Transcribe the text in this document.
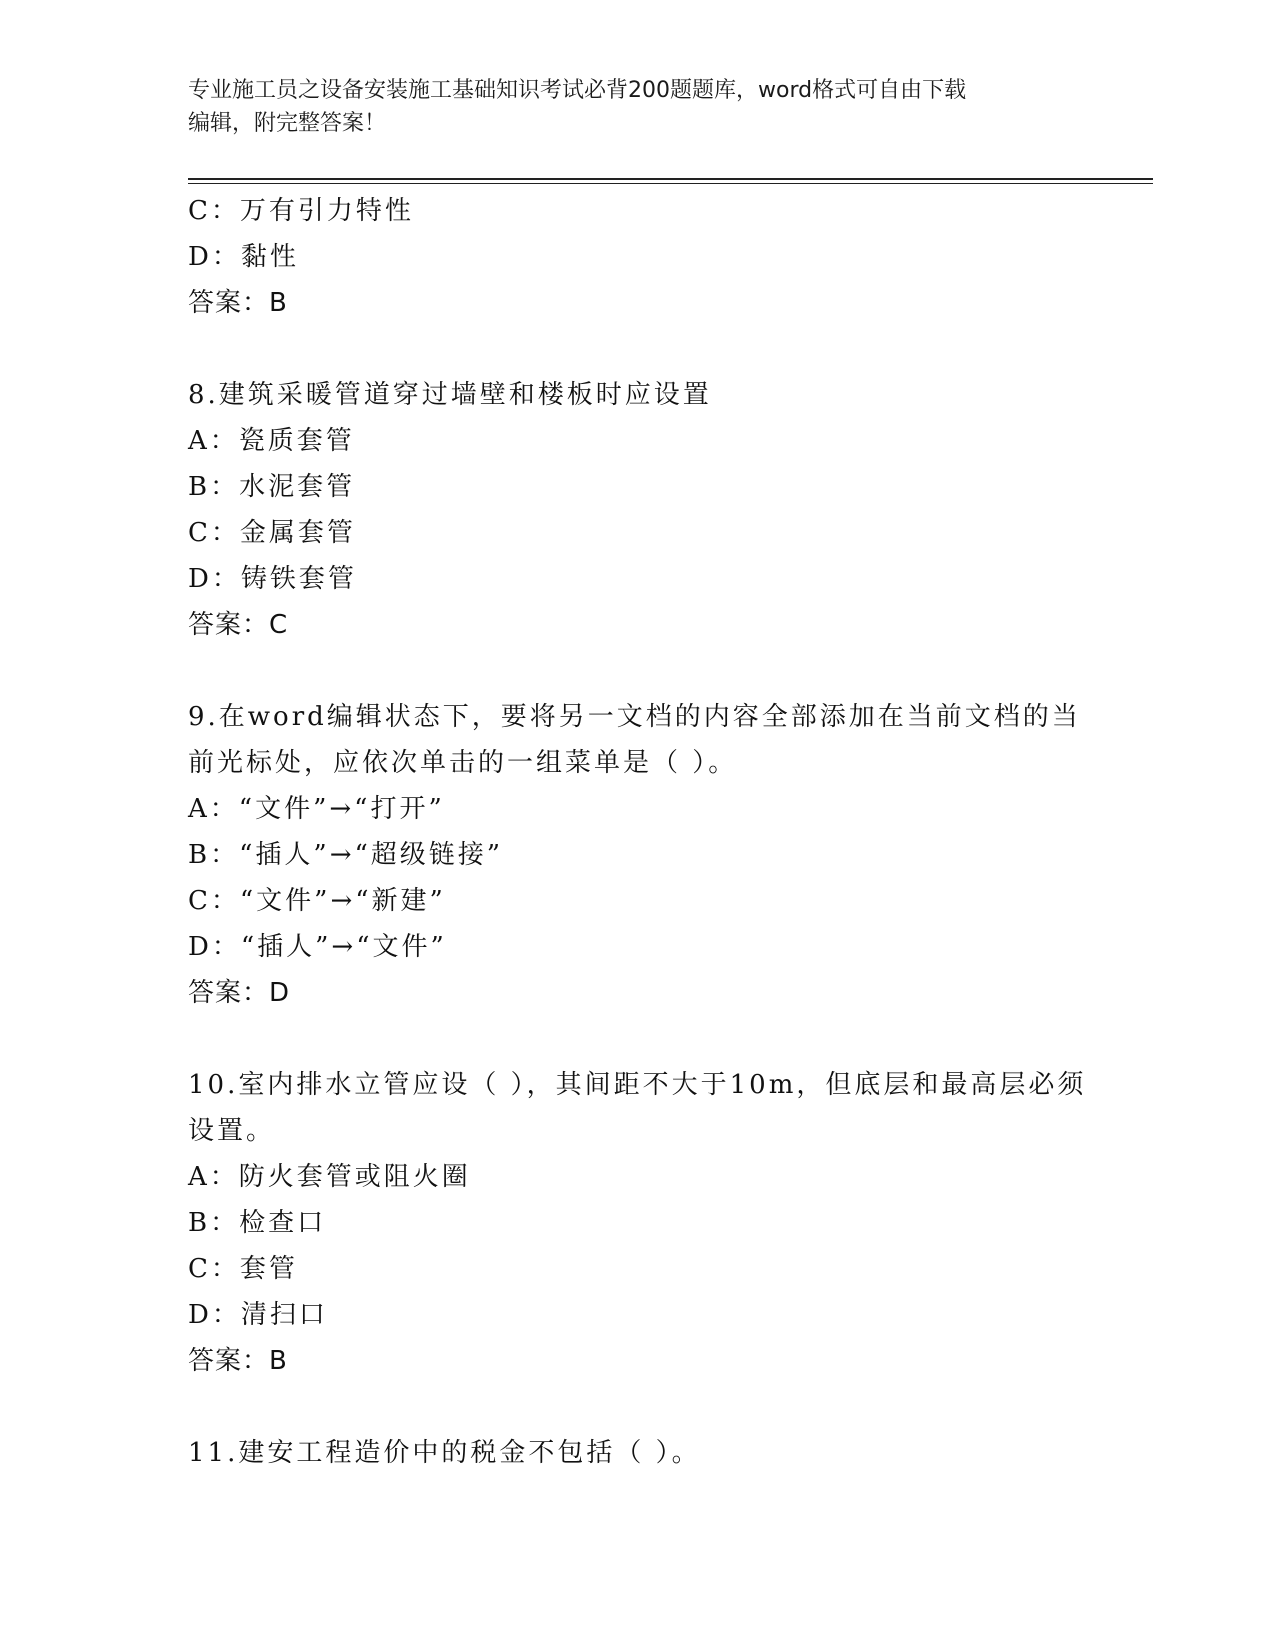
专业施工员之设备安装施工基础知识考试必背200题题库，word格式可自由下载
编辑，附完整答案！
C：万有引力特性
D：黏性
答案：B
8.建筑采暖管道穿过墙壁和楼板时应设置
A：瓷质套管
B：水泥套管
C：金属套管
D：铸铁套管
答案：C
9.在word编辑状态下，要将另一文档的内容全部添加在当前文档的当
前光标处，应依次单击的一组菜单是（ ）。
A：“文件”→“打开”
B：“插人”→“超级链接”
C：“文件”→“新建”
D：“插人”→“文件”
答案：D
10.室内排水立管应设（ ），其间距不大于10m，但底层和最高层必须
设置。
A：防火套管或阻火圈
B：检查口
C：套管
D：清扫口
答案：B
11.建安工程造价中的税金不包括（ ）。
